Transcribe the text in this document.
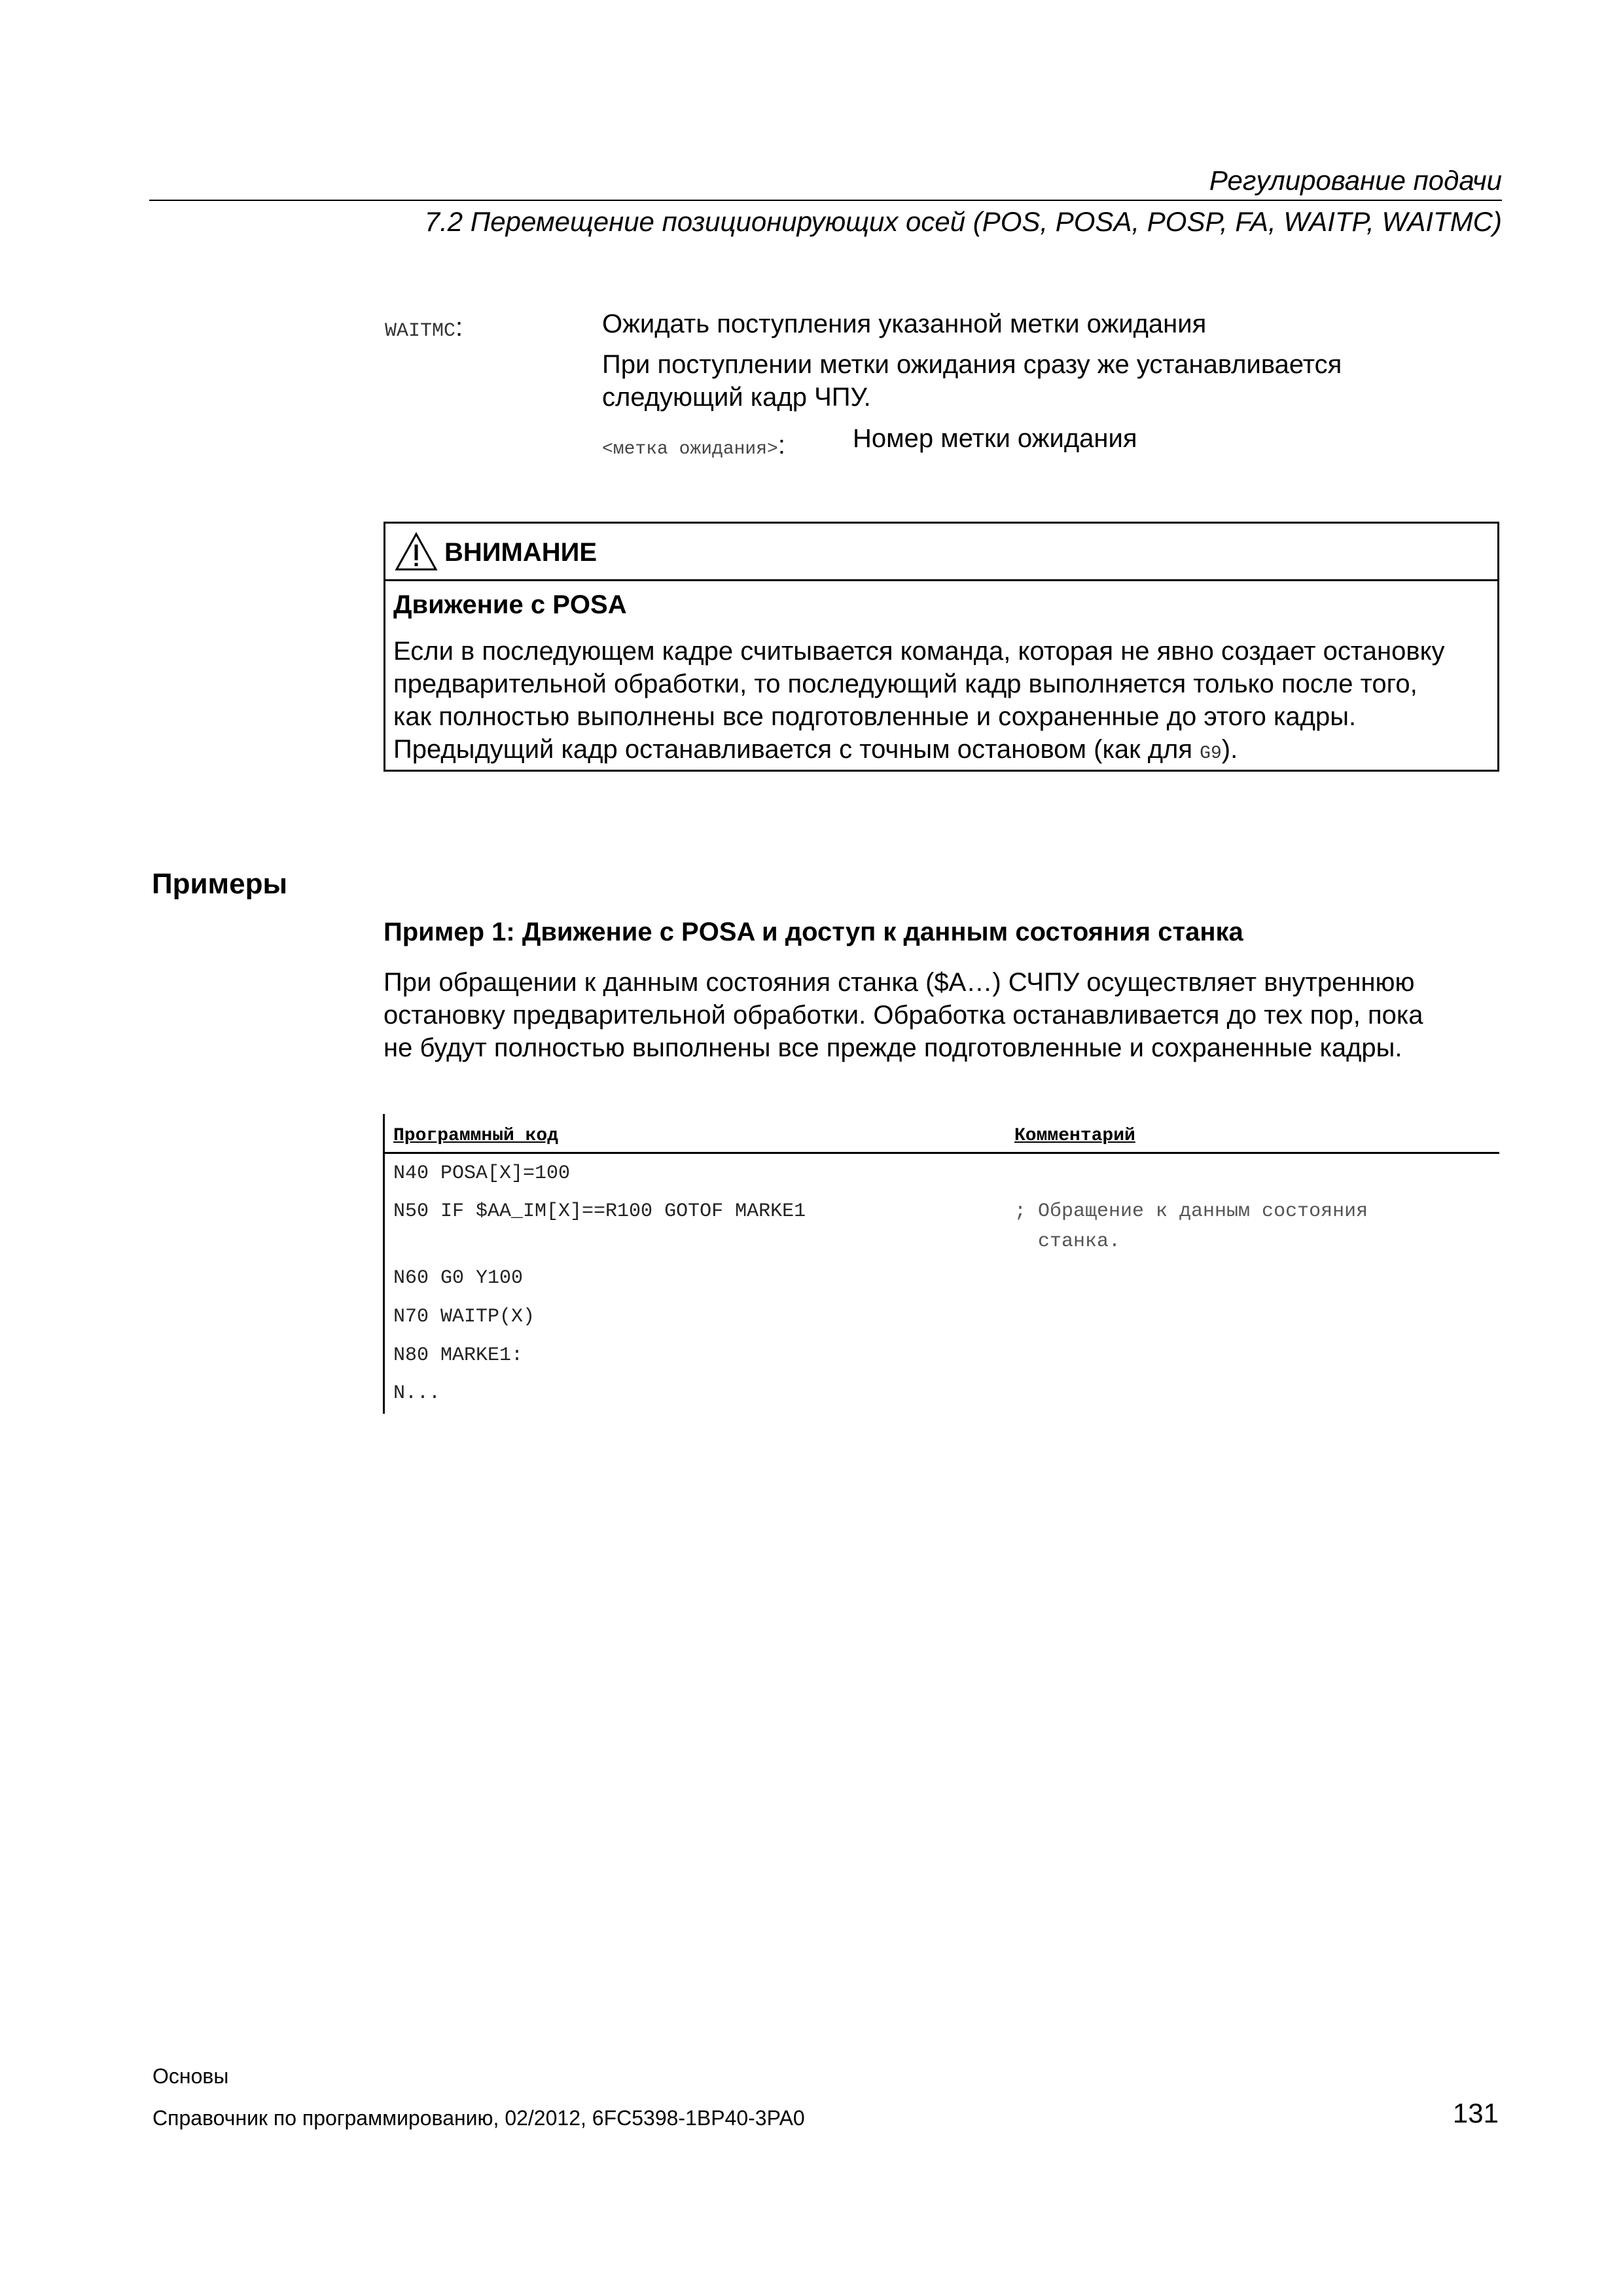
Регулирование подачи
7.2 Перемещение позиционирующих осей (POS, POSA, POSP, FA, WAITP, WAITMC)
WAITMC:	Ожидать поступления указанной метки ожидания
При поступлении метки ожидания сразу же устанавливается
следующий кадр ЧПУ.
<метка ожидания>:	Номер метки ожидания
ВНИМАНИЕ
Движение с POSA
Если в последующем кадре считывается команда, которая не явно создает остановку
предварительной обработки, то последующий кадр выполняется только после того,
как полностью выполнены все подготовленные и сохраненные до этого кадры.
Предыдущий кадр останавливается с точным остановом (как для G9).
Примеры
Пример 1: Движение с POSA и доступ к данным состояния станка
При обращении к данным состояния станка ($A…) СЧПУ осуществляет внутреннюю
остановку предварительной обработки. Обработка останавливается до тех пор, пока
не будут полностью выполнены все прежде подготовленные и сохраненные кадры.
Программный код	Комментарий
N40 POSA[X]=100
N50 IF $AA_IM[X]==R100 GOTOF MARKE1	; Обращение к данным состояния
станка.
N60 G0 Y100
N70 WAITP(X)
N80 MARKE1:
N...
Основы
Справочник по программированию, 02/2012, 6FC5398-1BP40-3PA0	131
